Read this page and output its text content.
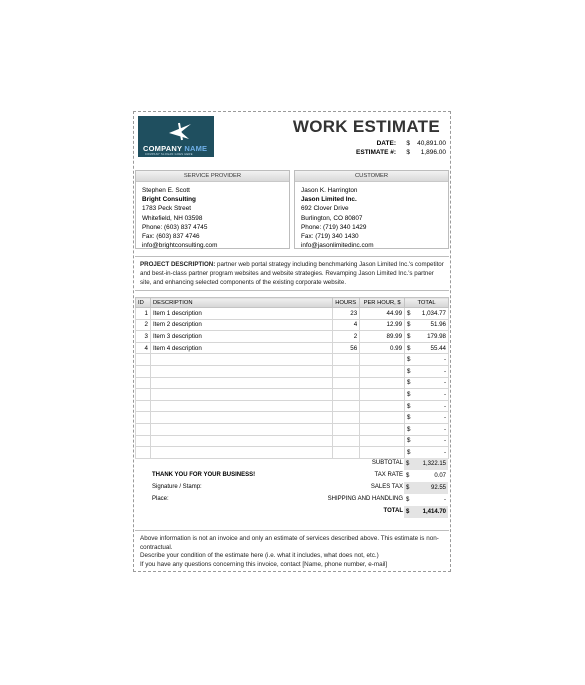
COMPANY NAME
COMPANY SLOGAN GOES HERE
WORK ESTIMATE
DATE:	$	40,891.00
ESTIMATE #:	$	1,896.00
SERVICE PROVIDER
Stephen E. Scott
Bright Consulting
1783 Peck Street
Whitefield, NH 03598
Phone: (603) 837 4745
Fax: (603) 837 4746
info@brightconsulting.com
CUSTOMER
Jason K. Harrington
Jason Limited Inc.
692 Clover Drive
Burlington, CO 80807
Phone: (719) 340 1429
Fax: (719) 340 1430
info@jasonlimitedinc.com
PROJECT DESCRIPTION: partner web portal strategy including benchmarking Jason Limited Inc.'s competitor and best-in-class partner program websites and website strategies. Revamping Jason Limited Inc.'s partner site, and enhancing selected components of the existing corporate website.
ID	DESCRIPTION	HOURS	PER HOUR, $	TOTAL
1	Item 1 description	23	44.99	$ 1,034.77

2	Item 2 description	4	12.99	$ 51.96

3	Item 3 description	2	89.99	$ 179.98

4	Item 4 description	56	0.99	$ 55.44

				$ -

				$ -

				$ -

				$ -

				$ -

				$ -

				$ -

				$ -

				$ -
SUBTOTAL $ 1,322.15
THANK YOU FOR YOUR BUSINESS!	TAX RATE $	0.07
Signature / Stamp:	SALES TAX $	92.55
Place:	SHIPPING AND HANDLING $	-
TOTAL $ 1,414.70
Above information is not an invoice and only an estimate of services described above. This estimate is non-contractual.
Describe your condition of the estimate here (i.e. what it includes, what does not, etc.)
If you have any questions concerning this invoice, contact [Name, phone number, e-mail]
